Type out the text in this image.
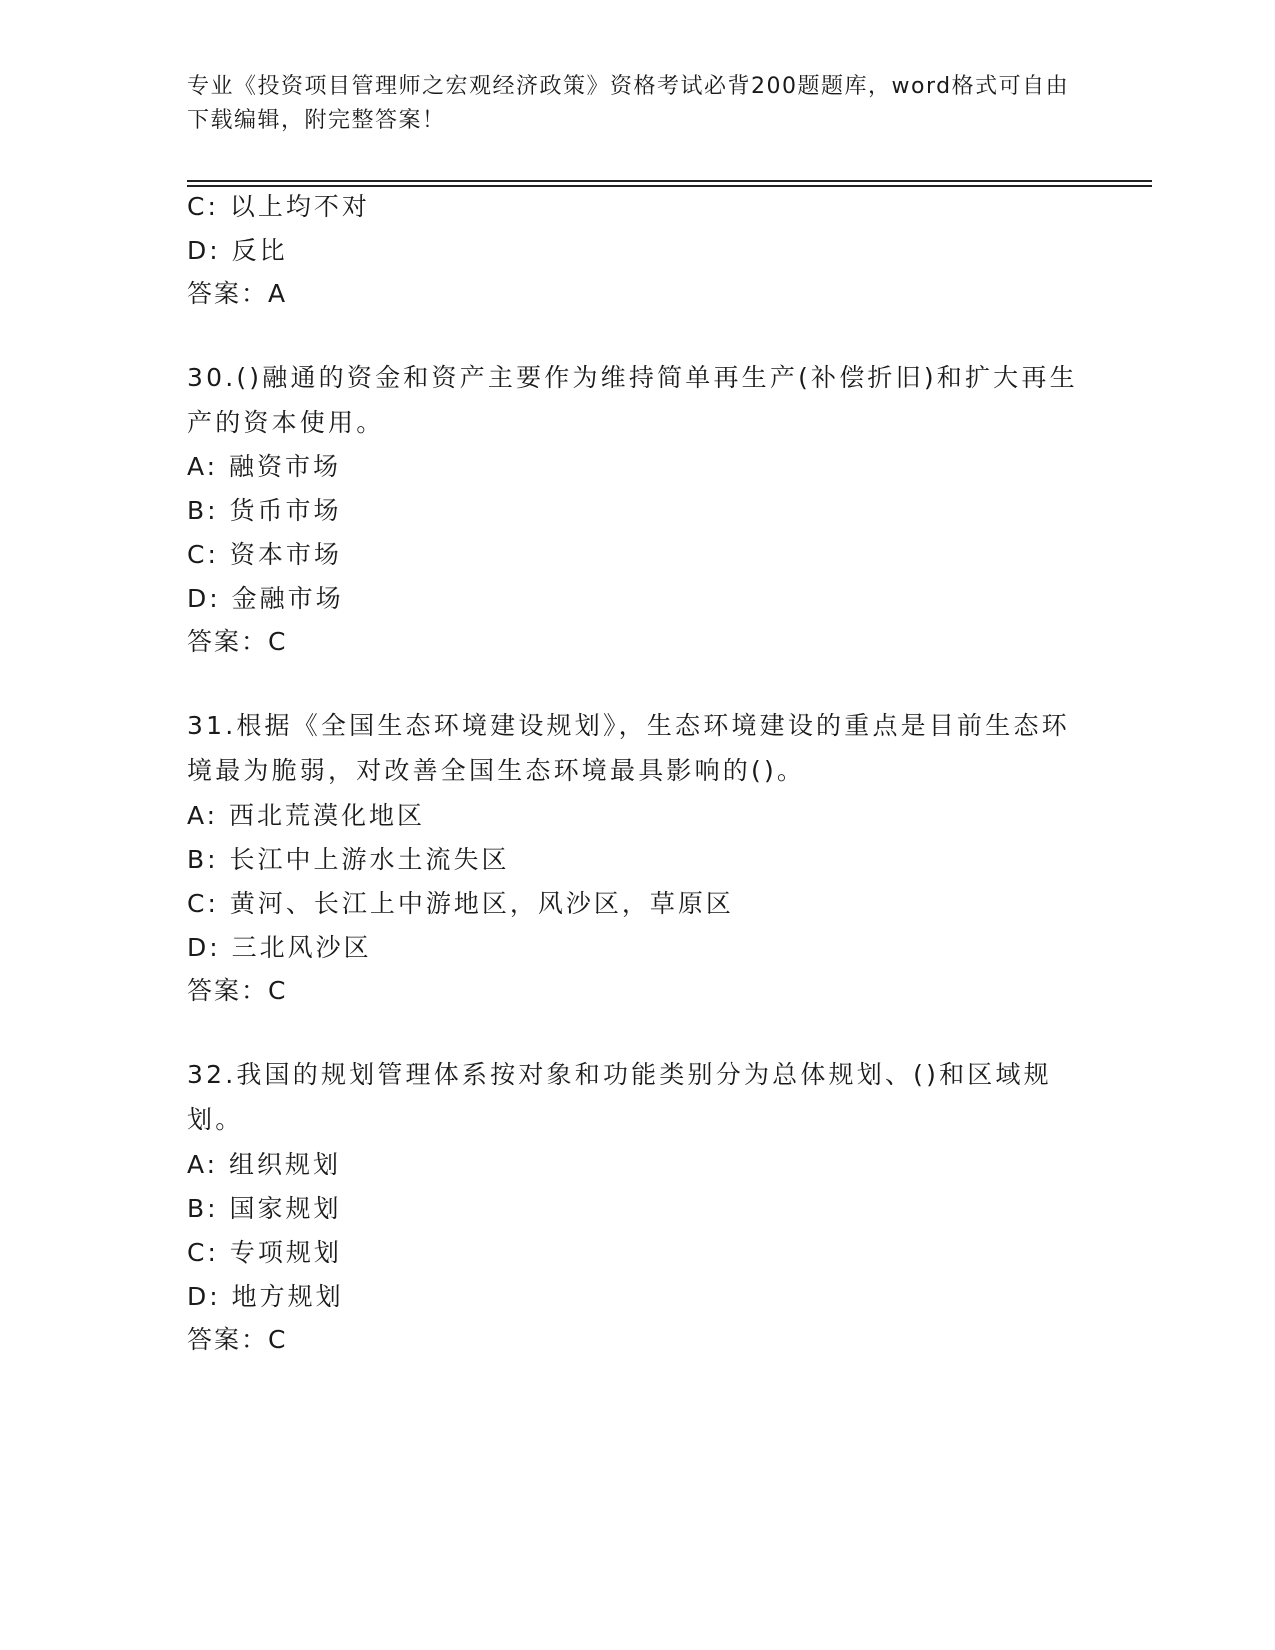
专业《投资项目管理师之宏观经济政策》资格考试必背200题题库，word格式可自由下载编辑，附完整答案！
C: 以上均不对
D: 反比
答案：A
30.()融通的资金和资产主要作为维持简单再生产(补偿折旧)和扩大再生产的资本使用。
A: 融资市场
B: 货币市场
C: 资本市场
D: 金融市场
答案：C
31.根据《全国生态环境建设规划》，生态环境建设的重点是目前生态环境最为脆弱，对改善全国生态环境最具影响的()。
A: 西北荒漠化地区
B: 长江中上游水土流失区
C: 黄河、长江上中游地区，风沙区，草原区
D: 三北风沙区
答案：C
32.我国的规划管理体系按对象和功能类别分为总体规划、()和区域规划。
A: 组织规划
B: 国家规划
C: 专项规划
D: 地方规划
答案：C
